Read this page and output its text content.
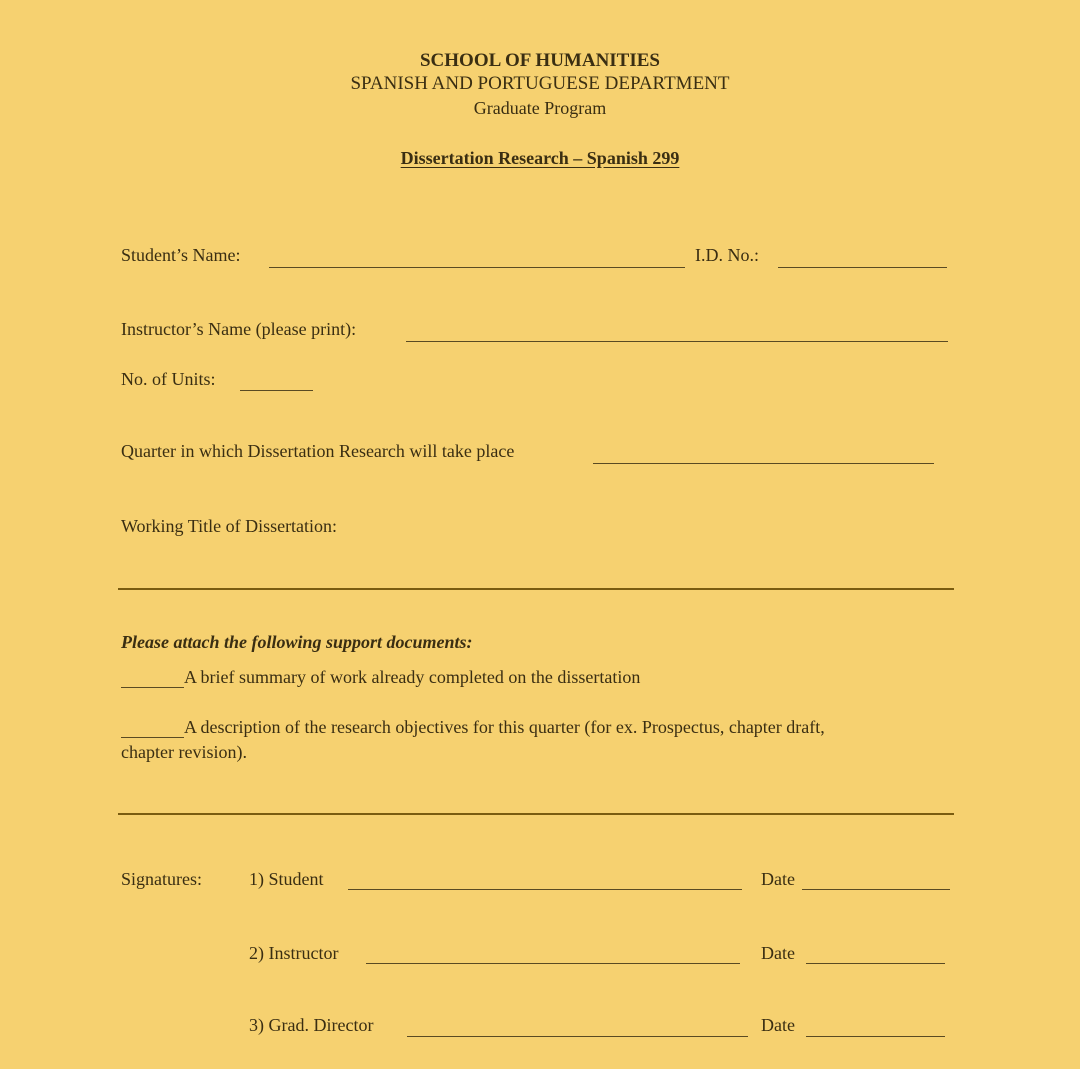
SCHOOL OF HUMANITIES
SPANISH AND PORTUGUESE DEPARTMENT
Graduate Program
Dissertation Research – Spanish 299
Student’s Name:	I.D. No.:
Instructor’s Name (please print):
No. of Units:
Quarter in which Dissertation Research will take place
Working Title of Dissertation:
Please attach the following support documents:
A brief summary of work already completed on the dissertation
A description of the research objectives for this quarter (for ex. Prospectus, chapter draft,
chapter revision).
Signatures:	1) Student	Date
2) Instructor	Date
3) Grad. Director	Date
